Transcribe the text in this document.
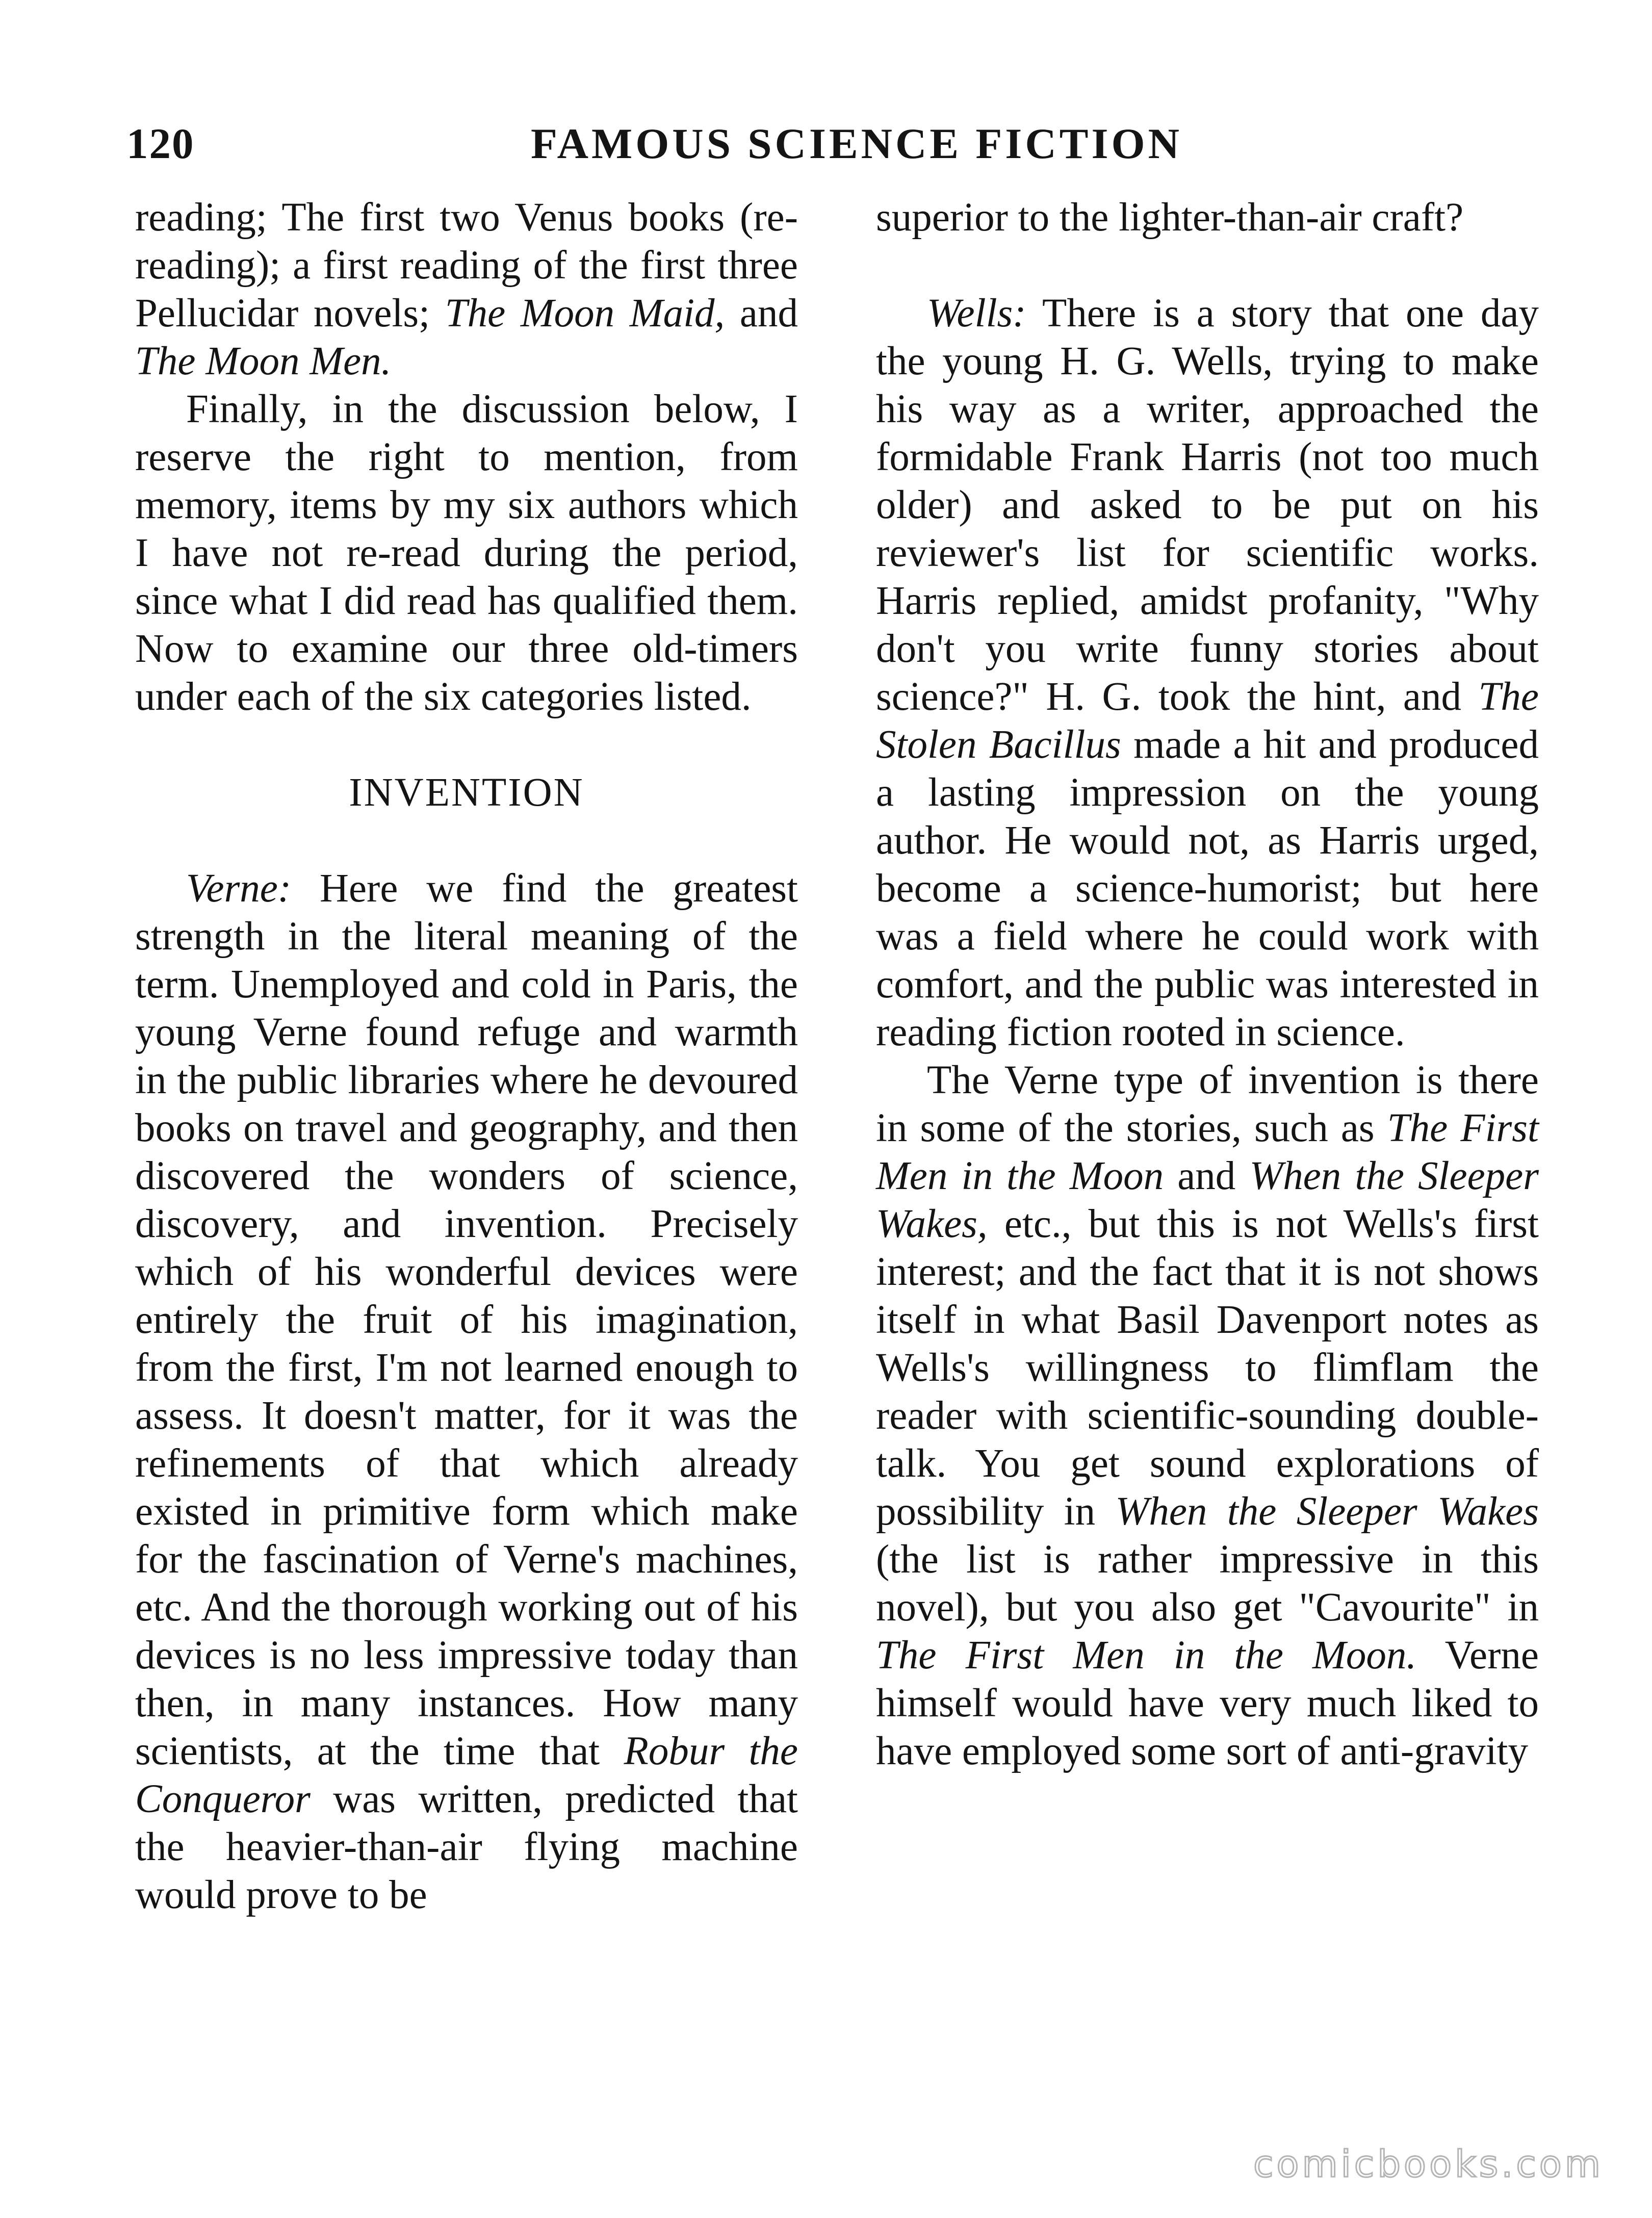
120	FAMOUS SCIENCE FICTION

reading; The first two Venus books (re-reading); a first reading of the first three Pellucidar novels; The Moon Maid, and The Moon Men.

Finally, in the discussion below, I reserve the right to mention, from memory, items by my six authors which I have not re-read during the period, since what I did read has qualified them. Now to examine our three old-timers under each of the six categories listed.

INVENTION

Verne: Here we find the greatest strength in the literal meaning of the term. Unemployed and cold in Paris, the young Verne found refuge and warmth in the public libraries where he devoured books on travel and geography, and then discovered the wonders of science, discovery, and invention. Precisely which of his wonderful devices were entirely the fruit of his imagination, from the first, I'm not learned enough to assess. It doesn't matter, for it was the refinements of that which already existed in primitive form which make for the fascination of Verne's machines, etc. And the thorough working out of his devices is no less impressive today than then, in many instances. How many scientists, at the time that Robur the Conqueror was written, predicted that the heavier-than-air flying machine would prove to be

superior to the lighter-than-air craft?

Wells: There is a story that one day the young H. G. Wells, trying to make his way as a writer, approached the formidable Frank Harris (not too much older) and asked to be put on his reviewer's list for scientific works. Harris replied, amidst profanity, "Why don't you write funny stories about science?" H. G. took the hint, and The Stolen Bacillus made a hit and produced a lasting impression on the young author. He would not, as Harris urged, become a science-humorist; but here was a field where he could work with comfort, and the public was interested in reading fiction rooted in science.

The Verne type of invention is there in some of the stories, such as The First Men in the Moon and When the Sleeper Wakes, etc., but this is not Wells's first interest; and the fact that it is not shows itself in what Basil Davenport notes as Wells's willingness to flimflam the reader with scientific-sounding double-talk. You get sound explorations of possibility in When the Sleeper Wakes (the list is rather impressive in this novel), but you also get "Cavourite" in The First Men in the Moon. Verne himself would have very much liked to have employed some sort of anti-gravity

comicbooks.com
